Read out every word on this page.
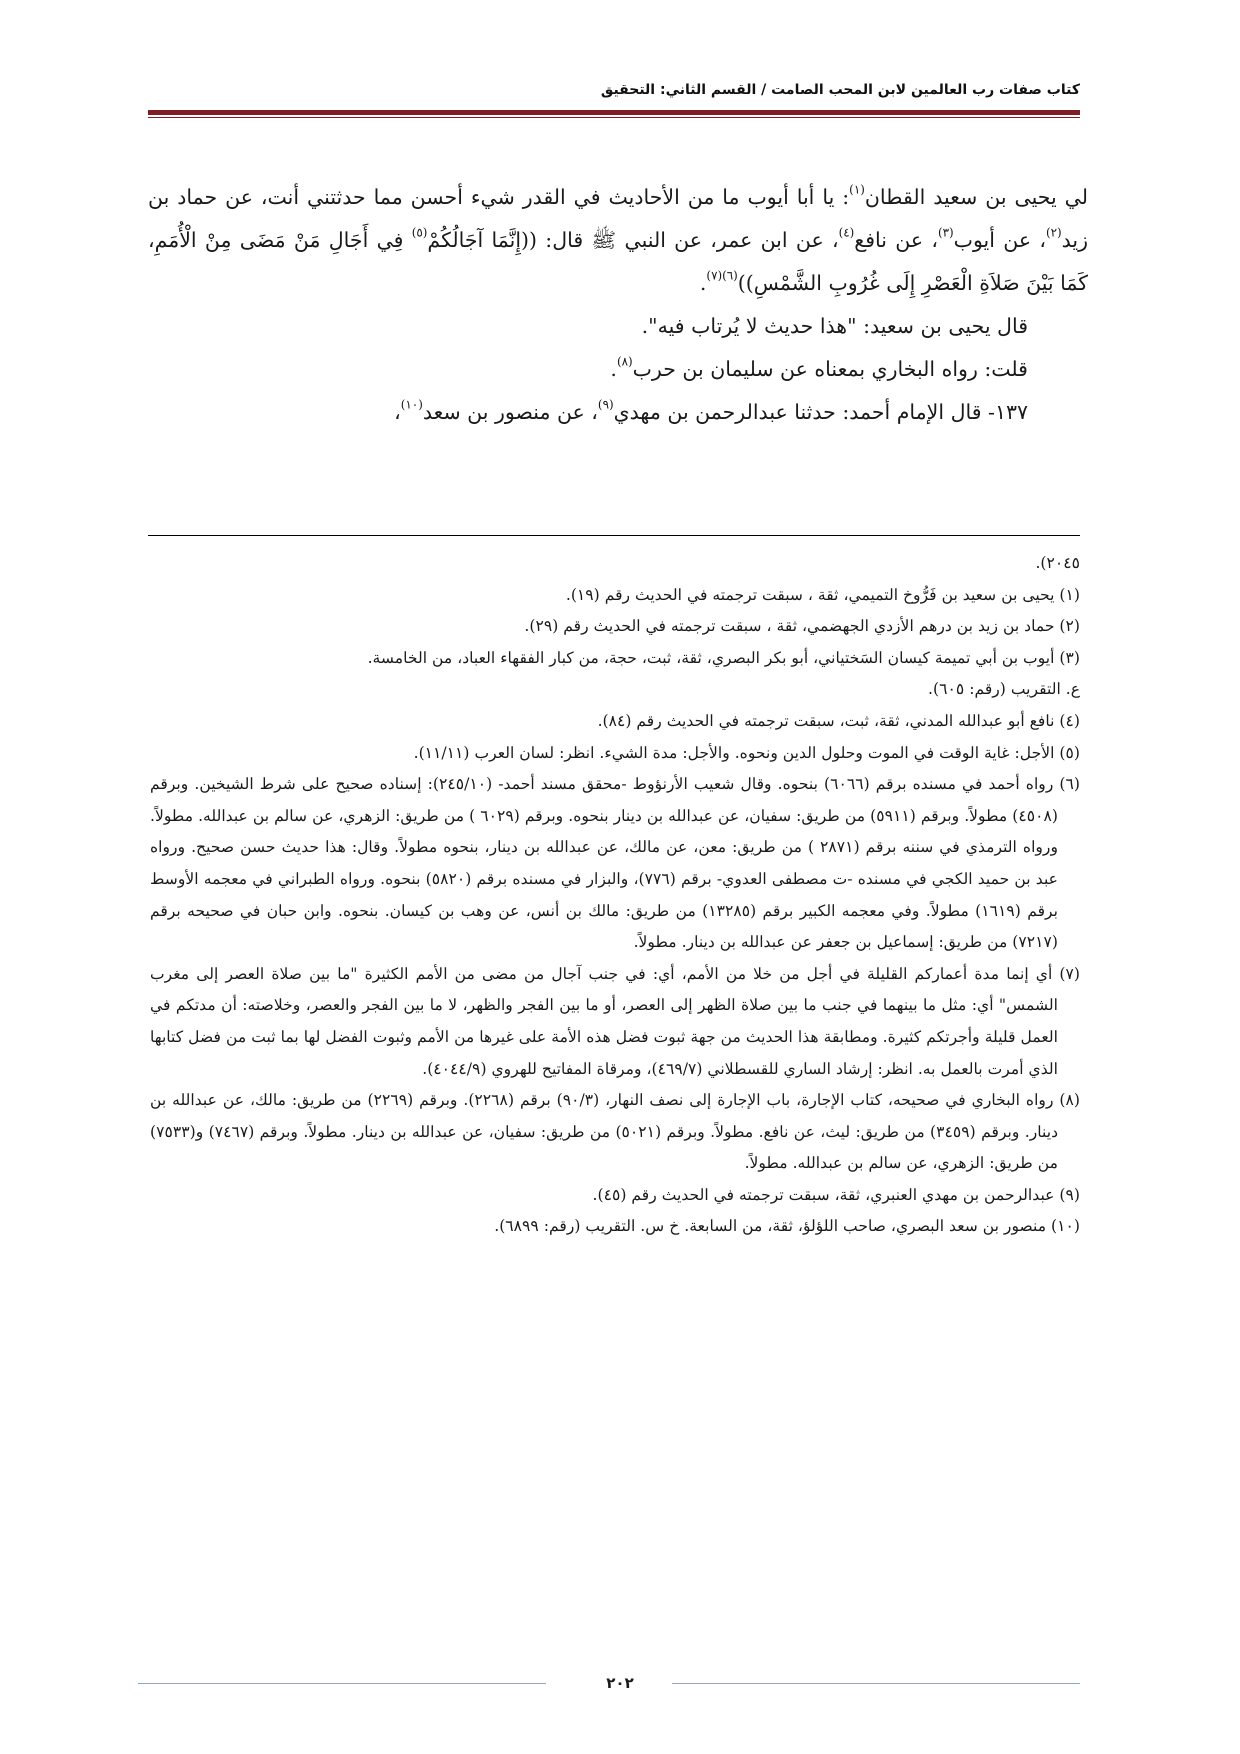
كتاب صفات رب العالمين لابن المحب الصامت / القسم الثاني: التحقيق

لي يحيى بن سعيد القطان$^{(١)}$: يا أبا أيوب ما من الأحاديث في القدر شيء أحسن مما حدثتني أنت، عن حماد بن زيد$^{(٢)}$، عن أيوب$^{(٣)}$، عن نافع$^{(٤)}$، عن ابن عمر، عن النبي ﷺ قال: ((إِنَّمَا آجَالُكُمْ$^{(٥)}$ فِي أَجَالِ مَنْ مَضَى مِنْ الْأُمَمِ، كَمَا بَيْنَ صَلاَةِ الْعَصْرِ إِلَى غُرُوبِ الشَّمْسِ))$^{(٦)(٧)}$.

قال يحيى بن سعيد: "هذا حديث لا يُرتاب فيه".

قلت: رواه البخاري بمعناه عن سليمان بن حرب$^{(٨)}$.

١٣٧- قال الإمام أحمد: حدثنا عبدالرحمن بن مهدي$^{(٩)}$، عن منصور بن سعد$^{(١٠)}$،

٢٠٤٥).

(١) يحيى بن سعيد بن فَرُّوخ التميمي، ثقة ، سبقت ترجمته في الحديث رقم (١٩).

(٢) حماد بن زيد بن درهم الأزدي الجهضمي، ثقة ، سبقت ترجمته في الحديث رقم (٢٩).

(٣) أيوب بن أبي تميمة كيسان السَختياني، أبو بكر البصري، ثقة، ثبت، حجة، من كبار الفقهاء العباد، من الخامسة.

ع. التقريب (رقم: ٦٠٥).

(٤) نافع أبو عبدالله المدني، ثقة، ثبت، سبقت ترجمته في الحديث رقم (٨٤).

(٥) الأجل: غاية الوقت في الموت وحلول الدين ونحوه. والأجل: مدة الشيء. انظر: لسان العرب (١١/١١).

(٦) رواه أحمد في مسنده برقم (٦٠٦٦) بنحوه. وقال شعيب الأرنؤوط -محقق مسند أحمد- (٢٤٥/١٠): إسناده صحيح على شرط الشيخين. وبرقم (٤٥٠٨) مطولاً. وبرقم (٥٩١١) من طريق: سفيان، عن عبدالله بن دينار بنحوه. وبرقم (٦٠٢٩ ) من طريق: الزهري، عن سالم بن عبدالله. مطولاً. ورواه الترمذي في سننه برقم (٢٨٧١ ) من طريق: معن، عن مالك، عن عبدالله بن دينار، بنحوه مطولاً. وقال: هذا حديث حسن صحيح. ورواه عبد بن حميد الكجي في مسنده -ت مصطفى العدوي- برقم (٧٧٦)، والبزار في مسنده برقم (٥٨٢٠) بنحوه. ورواه الطبراني في معجمه الأوسط برقم (١٦١٩) مطولاً. وفي معجمه الكبير برقم (١٣٢٨٥) من طريق: مالك بن أنس، عن وهب بن كيسان. بنحوه. وابن حبان في صحيحه برقم (٧٢١٧) من طريق: إسماعيل بن جعفر عن عبدالله بن دينار. مطولاً.

(٧) أي إنما مدة أعماركم القليلة في أجل من خلا من الأمم، أي: في جنب آجال من مضى من الأمم الكثيرة "ما بين صلاة العصر إلى مغرب الشمس" أي: مثل ما بينهما في جنب ما بين صلاة الظهر إلى العصر، أو ما بين الفجر والظهر، لا ما بين الفجر والعصر، وخلاصته: أن مدتكم في العمل قليلة وأجرتكم كثيرة. ومطابقة هذا الحديث من جهة ثبوت فضل هذه الأمة على غيرها من الأمم وثبوت الفضل لها بما ثبت من فضل كتابها الذي أمرت بالعمل به. انظر: إرشاد الساري للقسطلاني (٤٦٩/٧)، ومرقاة المفاتيح للهروي (٤٠٤٤/٩).

(٨) رواه البخاري في صحيحه، كتاب الإجارة، باب الإجارة إلى نصف النهار، (٩٠/٣) برقم (٢٢٦٨). وبرقم (٢٢٦٩) من طريق: مالك، عن عبدالله بن دينار. وبرقم (٣٤٥٩) من طريق: ليث، عن نافع. مطولاً. وبرقم (٥٠٢١) من طريق: سفيان، عن عبدالله بن دينار. مطولاً. وبرقم (٧٤٦٧) و(٧٥٣٣) من طريق: الزهري، عن سالم بن عبدالله. مطولاً.

(٩) عبدالرحمن بن مهدي العنبري، ثقة، سبقت ترجمته في الحديث رقم (٤٥).

(١٠) منصور بن سعد البصري، صاحب اللؤلؤ، ثقة، من السابعة. خ س. التقريب (رقم: ٦٨٩٩).

٢٠٢
